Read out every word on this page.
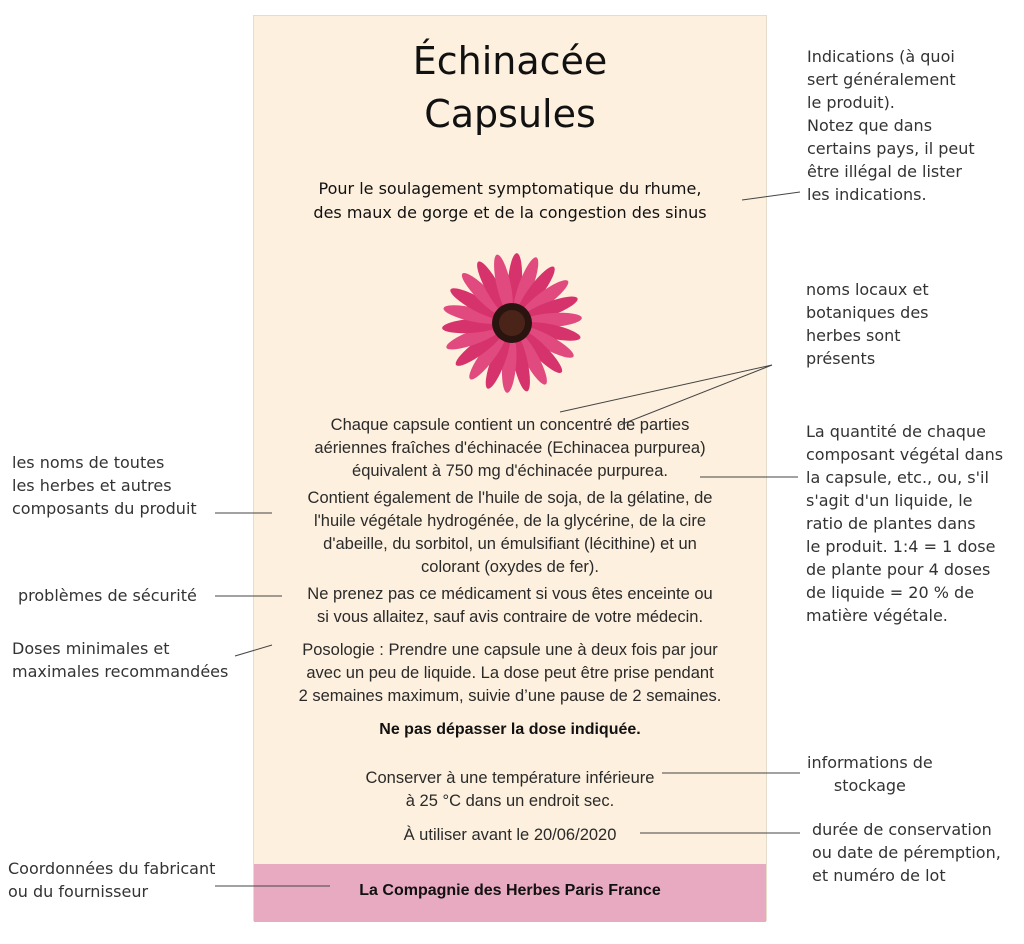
Échinacée
Capsules
Pour le soulagement symptomatique du rhume,
des maux de gorge et de la congestion des sinus
Chaque capsule contient un concentré de parties
aériennes fraîches d'échinacée (Echinacea purpurea)
équivalent à 750 mg d'échinacée purpurea.
Contient également de l'huile de soja, de la gélatine, de
l'huile végétale hydrogénée, de la glycérine, de la cire
d'abeille, du sorbitol, un émulsifiant (lécithine) et un
colorant (oxydes de fer).
Ne prenez pas ce médicament si vous êtes enceinte ou
si vous allaitez, sauf avis contraire de votre médecin.
Posologie : Prendre une capsule une à deux fois par jour
avec un peu de liquide. La dose peut être prise pendant
2 semaines maximum, suivie d’une pause de 2 semaines.
Ne pas dépasser la dose indiquée.
Conserver à une température inférieure
à 25 °C dans un endroit sec.
À utiliser avant le 20/06/2020
La Compagnie des Herbes Paris France
Indications (à quoi
sert généralement
le produit).
Notez que dans
certains pays, il peut
être illégal de lister
les indications.
noms locaux et
botaniques des
herbes sont
présents
La quantité de chaque
composant végétal dans
la capsule, etc., ou, s'il
s'agit d'un liquide, le
ratio de plantes dans
le produit. 1:4 = 1 dose
de plante pour 4 doses
de liquide = 20 % de
matière végétale.
les noms de toutes
les herbes et autres
composants du produit
problèmes de sécurité
Doses minimales et
maximales recommandées
informations de
stockage
durée de conservation
ou date de péremption,
et numéro de lot
Coordonnées du fabricant
ou du fournisseur
